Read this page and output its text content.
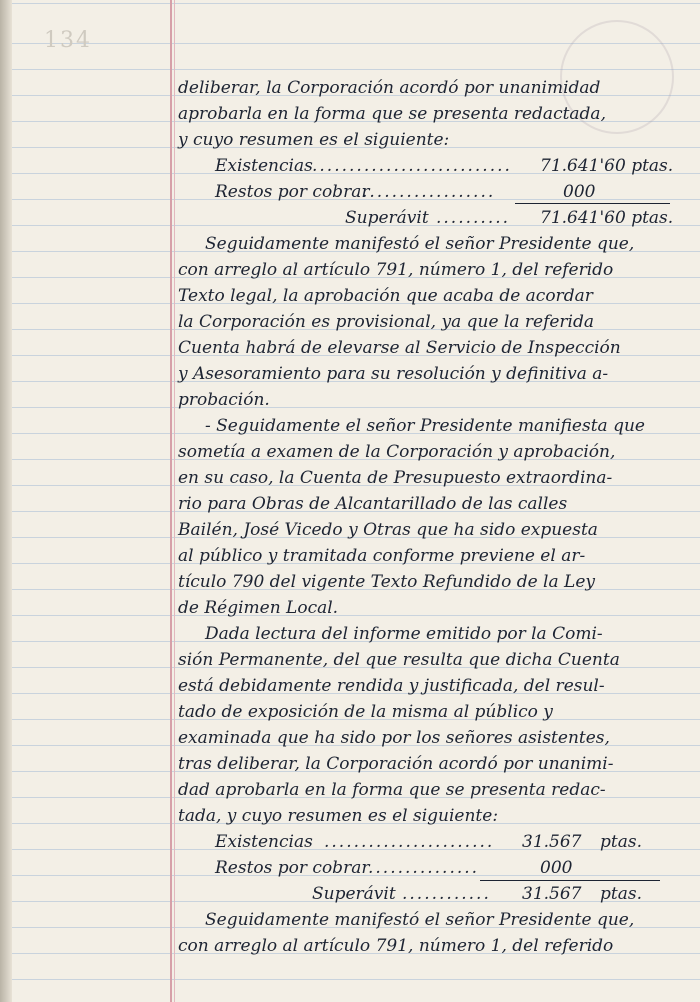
134
deliberar, la Corporación acordó por unanimidad
aprobarla en la forma que se presenta redactada,
y cuyo resumen es el siguiente:
Existencias ........................... 71.641'60 ptas.
Restos por cobrar
..................	000
Superávit .......... 71.641'60 ptas.
Seguidamente manifestó el señor Presidente que,
con arreglo al artículo 791, número 1, del referido
Texto legal, la aprobación que acaba de acordar
la Corporación es provisional, ya que la referida
Cuenta habrá de elevarse al Servicio de Inspección
y Asesoramiento para su resolución y definitiva a-
probación.
- Seguidamente el señor Presidente manifiesta que
sometía a examen de la Corporación y aprobación,
en su caso, la Cuenta de Presupuesto extraordina-
rio para Obras de Alcantarillado de las calles
Bailén, José Vicedo y Otras que ha sido expuesta
al público y tramitada conforme previene el ar-
tículo 790 del vigente Texto Refundido de la Ley
de Régimen Local.
Dada lectura del informe emitido por la Comi-
sión Permanente, del que resulta que dicha Cuenta
está debidamente rendida y justificada, del resul-
tado de exposición de la misma al público y
examinada que ha sido por los señores asistentes,
tras deliberar, la Corporación acordó por unanimi-
dad aprobarla en la forma que se presenta redac-
tada, y cuyo resumen es el siguiente:
Existencias ....................... 31.567 ptas.
Restos por cobrar
...............	000
Superávit ............ 31.567 ptas.
Seguidamente manifestó el señor Presidente que,
con arreglo al artículo 791, número 1, del referido
